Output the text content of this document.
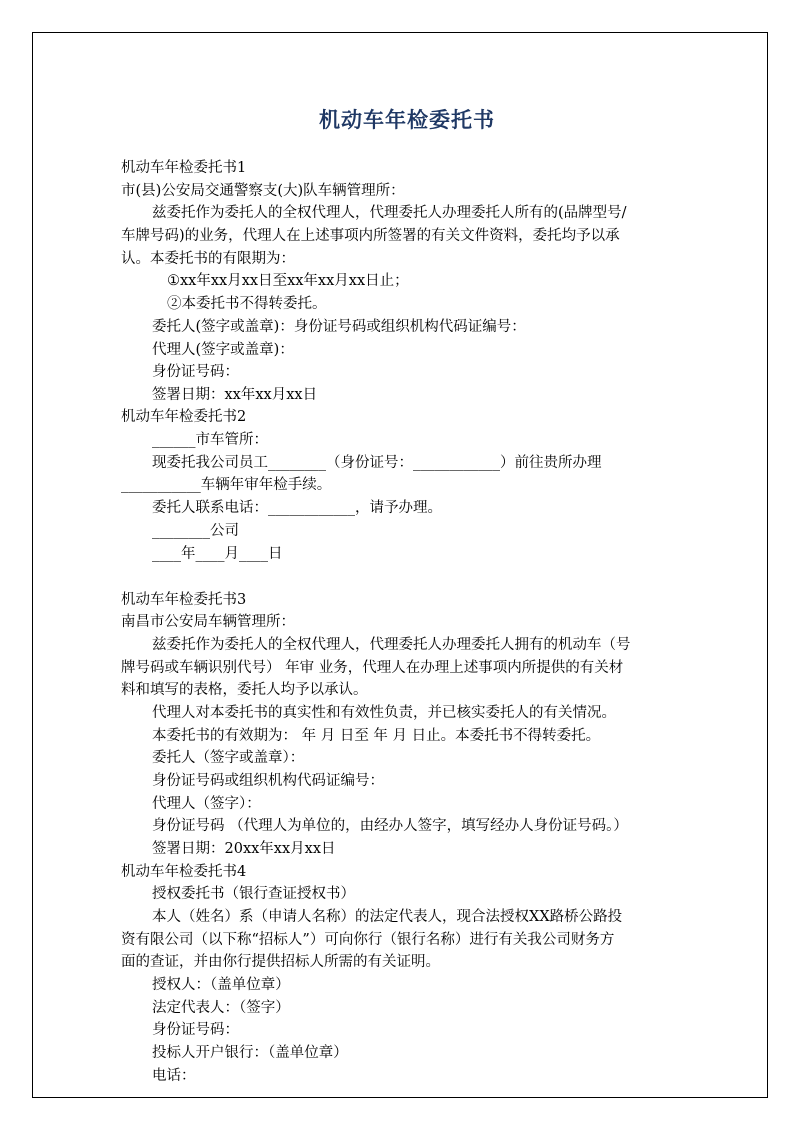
机动车年检委托书
机动车年检委托书1
市(县)公安局交通警察支(大)队车辆管理所：
兹委托作为委托人的全权代理人，代理委托人办理委托人所有的(品牌型号/
车牌号码)的业务，代理人在上述事项内所签署的有关文件资料，委托均予以承
认。本委托书的有限期为：
①xx年xx月xx日至xx年xx月xx日止；
②本委托书不得转委托。
委托人(签字或盖章)：身份证号码或组织机构代码证编号：
代理人(签字或盖章)：
身份证号码：
签署日期：xx年xx月xx日
机动车年检委托书2
______市车管所：
现委托我公司员工________（身份证号：____________）前往贵所办理
___________车辆年审年检手续。
委托人联系电话：____________，请予办理。
________公司
____年____月____日
机动车年检委托书3
南昌市公安局车辆管理所：
兹委托作为委托人的全权代理人，代理委托人办理委托人拥有的机动车（号
牌号码或车辆识别代号） 年审 业务，代理人在办理上述事项内所提供的有关材
料和填写的表格，委托人均予以承认。
代理人对本委托书的真实性和有效性负责，并已核实委托人的有关情况。
本委托书的有效期为： 年 月 日至 年 月 日止。本委托书不得转委托。
委托人（签字或盖章）：
身份证号码或组织机构代码证编号：
代理人（签字）：
身份证号码 （代理人为单位的，由经办人签字，填写经办人身份证号码。）
签署日期：20xx年xx月xx日
机动车年检委托书4
授权委托书（银行查证授权书）
本人（姓名）系（申请人名称）的法定代表人，现合法授权XX路桥公路投
资有限公司（以下称“招标人”）可向你行（银行名称）进行有关我公司财务方
面的查证，并由你行提供招标人所需的有关证明。
授权人：（盖单位章）
法定代表人：（签字）
身份证号码：
投标人开户银行：（盖单位章）
电话：
